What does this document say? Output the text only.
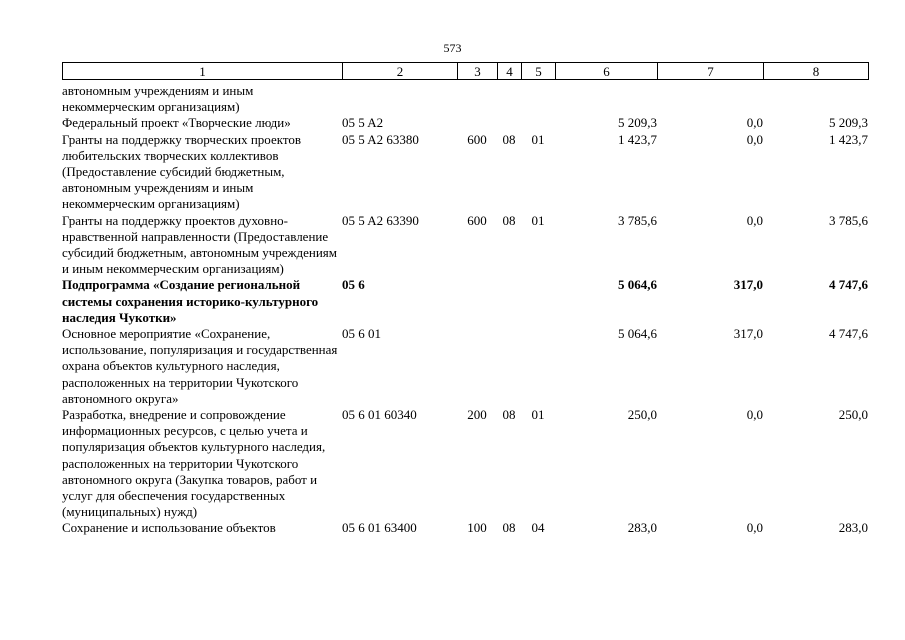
573
1	2	3	4	5	6	7	8
автономным учреждениям и иным некоммерческим организациям)							
Федеральный проект «Творческие люди»	05 5 A2				5 209,3	0,0	5 209,3
Гранты на поддержку творческих проектов любительских творческих коллективов (Предоставление субсидий бюджетным, автономным учреждениям и иным некоммерческим организациям)	05 5 A2 63380	600	08	01	1 423,7	0,0	1 423,7
Гранты на поддержку проектов духовно-нравственной направленности (Предоставление субсидий бюджетным, автономным учреждениям и иным некоммерческим организациям)	05 5 A2 63390	600	08	01	3 785,6	0,0	3 785,6
Подпрограмма «Создание региональной системы сохранения историко-культурного наследия Чукотки»	05 6				5 064,6	317,0	4 747,6
Основное мероприятие «Сохранение, использование, популяризация и государственная охрана объектов культурного наследия, расположенных на территории Чукотского автономного округа»	05 6 01				5 064,6	317,0	4 747,6
Разработка, внедрение и сопровождение информационных ресурсов, с целью учета и популяризация объектов культурного наследия, расположенных на территории Чукотского автономного округа (Закупка товаров, работ и услуг для обеспечения государственных (муниципальных) нужд)	05 6 01 60340	200	08	01	250,0	0,0	250,0
Сохранение и использование объектов	05 6 01 63400	100	08	04	283,0	0,0	283,0
